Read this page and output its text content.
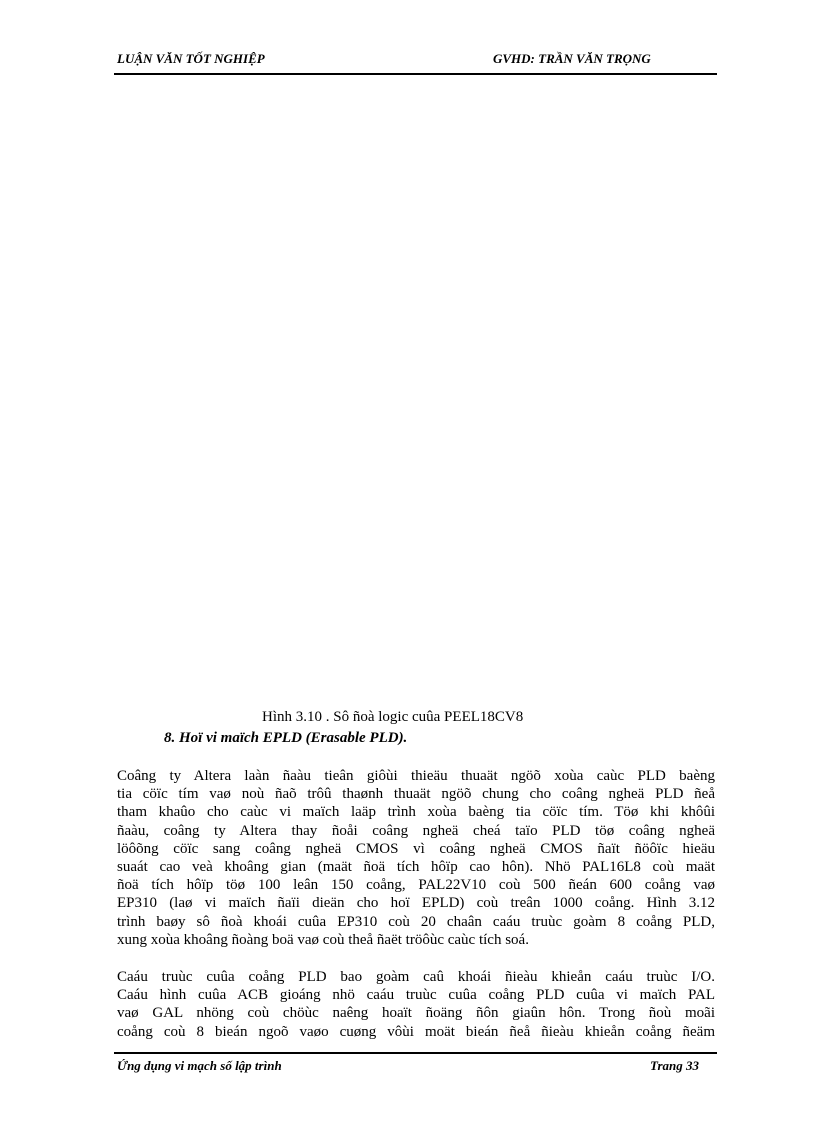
LUẬN VĂN TỐT NGHIỆP	GVHD: TRẦN VĂN TRỌNG
Hình 3.10 . Sô ñoà logic cuûa PEEL18CV8
8. Hoï vi maïch EPLD (Erasable PLD).
Coâng ty Altera laàn ñaàu tieân giôùi thieäu thuaät ngöõ xoùa caùc PLD baèng
tia cöïc tím vaø noù ñaõ trôû thaønh thuaät ngöõ chung cho coâng ngheä PLD ñeå
tham khaûo cho caùc vi maïch laäp trình xoùa baèng tia cöïc tím. Töø khi khôûi
ñaàu, coâng ty Altera thay ñoåi coâng ngheä cheá taïo PLD töø coâng ngheä
löôõng cöïc sang coâng ngheä CMOS vì coâng ngheä CMOS ñaït ñöôïc hieäu
suaát cao veà khoâng gian (maät ñoä tích hôïp cao hôn). Nhö PAL16L8 coù maät
ñoä tích hôïp töø 100 leân 150 coång, PAL22V10 coù 500 ñeán 600 coång vaø
EP310 (laø vi maïch ñaïi dieän cho hoï EPLD) coù treân 1000 coång. Hình 3.12
trình baøy sô ñoà khoái cuûa EP310 coù 20 chaân caáu truùc goàm 8 coång PLD,
xung xoùa khoâng ñoàng boä vaø coù theå ñaët tröôùc caùc tích soá.
Caáu truùc cuûa coång PLD bao goàm caû khoái ñieàu khieån caáu truùc I/O.
Caáu hình cuûa ACB gioáng nhö caáu truùc cuûa coång PLD cuûa vi maïch PAL
vaø GAL nhöng coù chöùc naêng hoaït ñoäng ñôn giaûn hôn. Trong ñoù moãi
coång coù 8 bieán ngoõ vaøo cuøng vôùi moät bieán ñeå ñieàu khieån coång ñeäm
Ứng dụng vi mạch số lập trình	Trang 33
